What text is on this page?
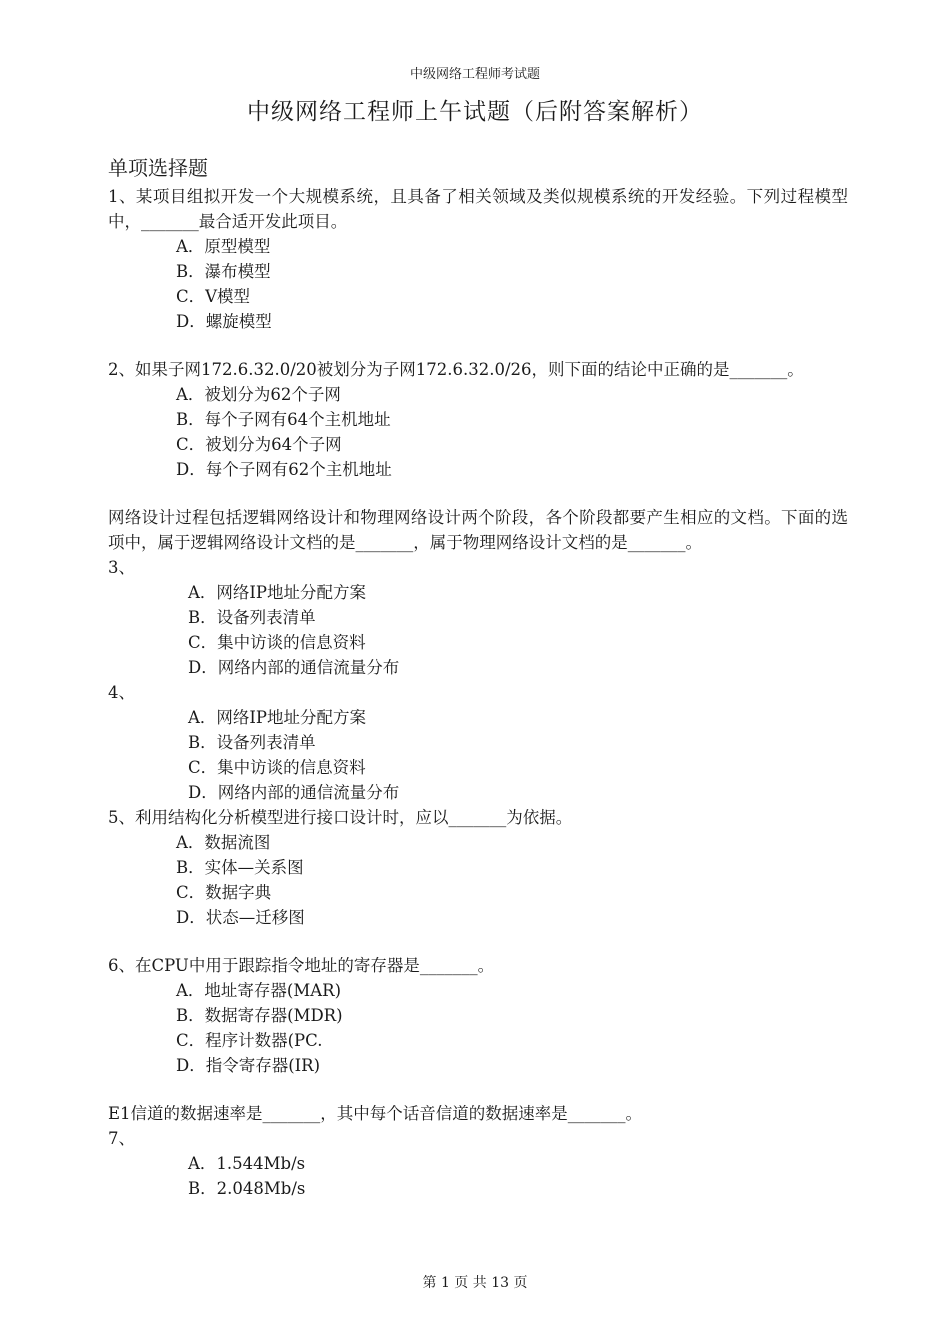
中级网络工程师考试题
中级网络工程师上午试题（后附答案解析）
单项选择题
1、某项目组拟开发一个大规模系统，且具备了相关领域及类似规模系统的开发经验。下列过程模型中，_______最合适开发此项目。
A．原型模型
B．瀑布模型
C．V模型
D．螺旋模型
2、如果子网172.6.32.0/20被划分为子网172.6.32.0/26，则下面的结论中正确的是_______。
A．被划分为62个子网
B．每个子网有64个主机地址
C．被划分为64个子网
D．每个子网有62个主机地址
网络设计过程包括逻辑网络设计和物理网络设计两个阶段，各个阶段都要产生相应的文档。下面的选项中，属于逻辑网络设计文档的是_______，属于物理网络设计文档的是_______。
3、
A．网络IP地址分配方案
B．设备列表清单
C．集中访谈的信息资料
D．网络内部的通信流量分布
4、
A．网络IP地址分配方案
B．设备列表清单
C．集中访谈的信息资料
D．网络内部的通信流量分布
5、利用结构化分析模型进行接口设计时，应以_______为依据。
A．数据流图
B．实体—关系图
C．数据字典
D．状态—迁移图
6、在CPU中用于跟踪指令地址的寄存器是_______。
A．地址寄存器(MAR)
B．数据寄存器(MDR)
C．程序计数器(PC.
D．指令寄存器(IR)
E1信道的数据速率是_______，其中每个话音信道的数据速率是_______。
7、
A．1.544Mb/s
B．2.048Mb/s
第 1 页 共 13 页
